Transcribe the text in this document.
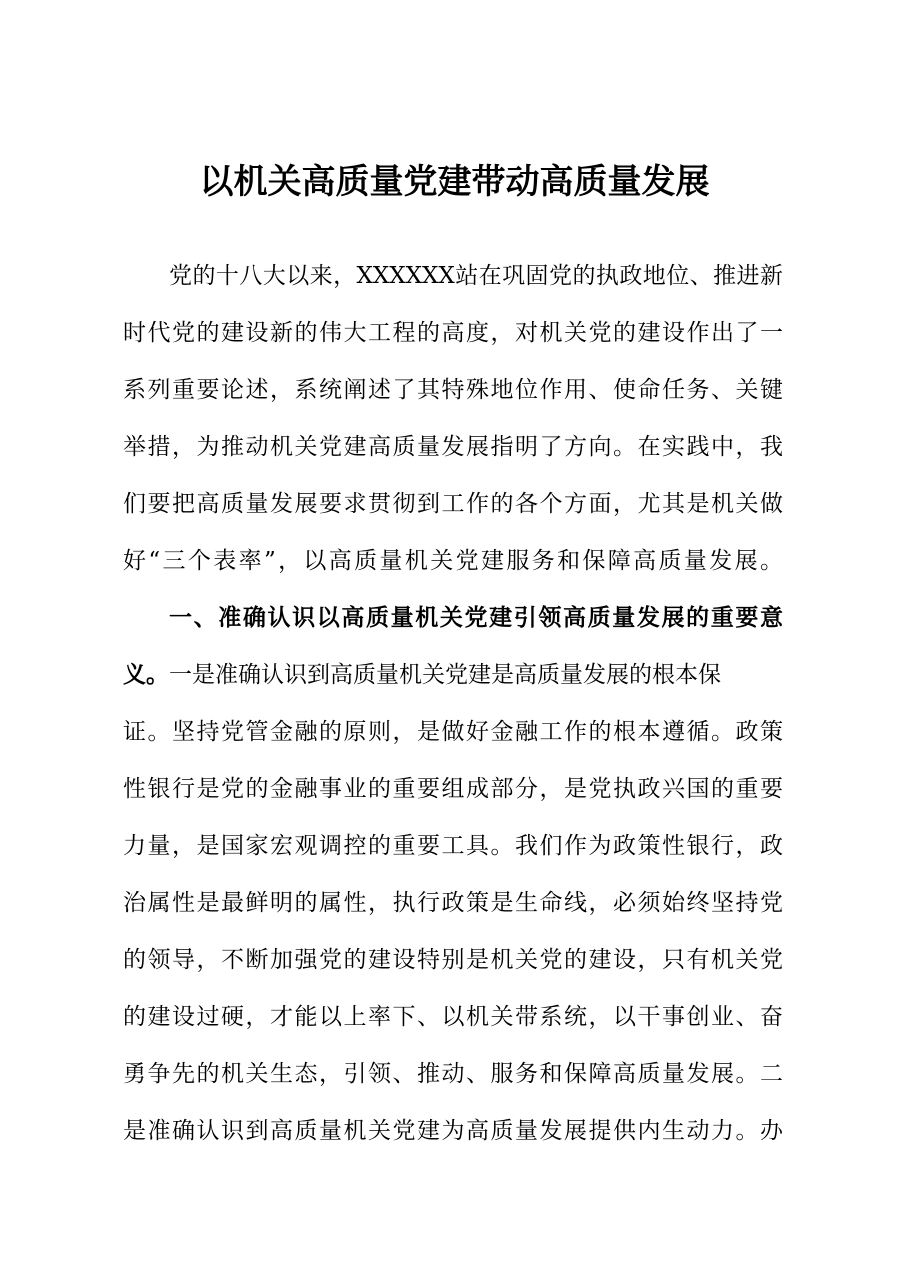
以机关高质量党建带动高质量发展
党的十八大以来，XXXXXX站在巩固党的执政地位、推进新
时代党的建设新的伟大工程的高度，对机关党的建设作出了一
系列重要论述，系统阐述了其特殊地位作用、使命任务、关键
举措，为推动机关党建高质量发展指明了方向。在实践中，我
们要把高质量发展要求贯彻到工作的各个方面，尤其是机关做
好“三个表率”，以高质量机关党建服务和保障高质量发展。
一、准确认识以高质量机关党建引领高质量发展的重要意
义。一是准确认识到高质量机关党建是高质量发展的根本保
证。坚持党管金融的原则，是做好金融工作的根本遵循。政策
性银行是党的金融事业的重要组成部分，是党执政兴国的重要
力量，是国家宏观调控的重要工具。我们作为政策性银行，政
治属性是最鲜明的属性，执行政策是生命线，必须始终坚持党
的领导，不断加强党的建设特别是机关党的建设，只有机关党
的建设过硬，才能以上率下、以机关带系统，以干事创业、奋
勇争先的机关生态，引领、推动、服务和保障高质量发展。二
是准确认识到高质量机关党建为高质量发展提供内生动力。办
